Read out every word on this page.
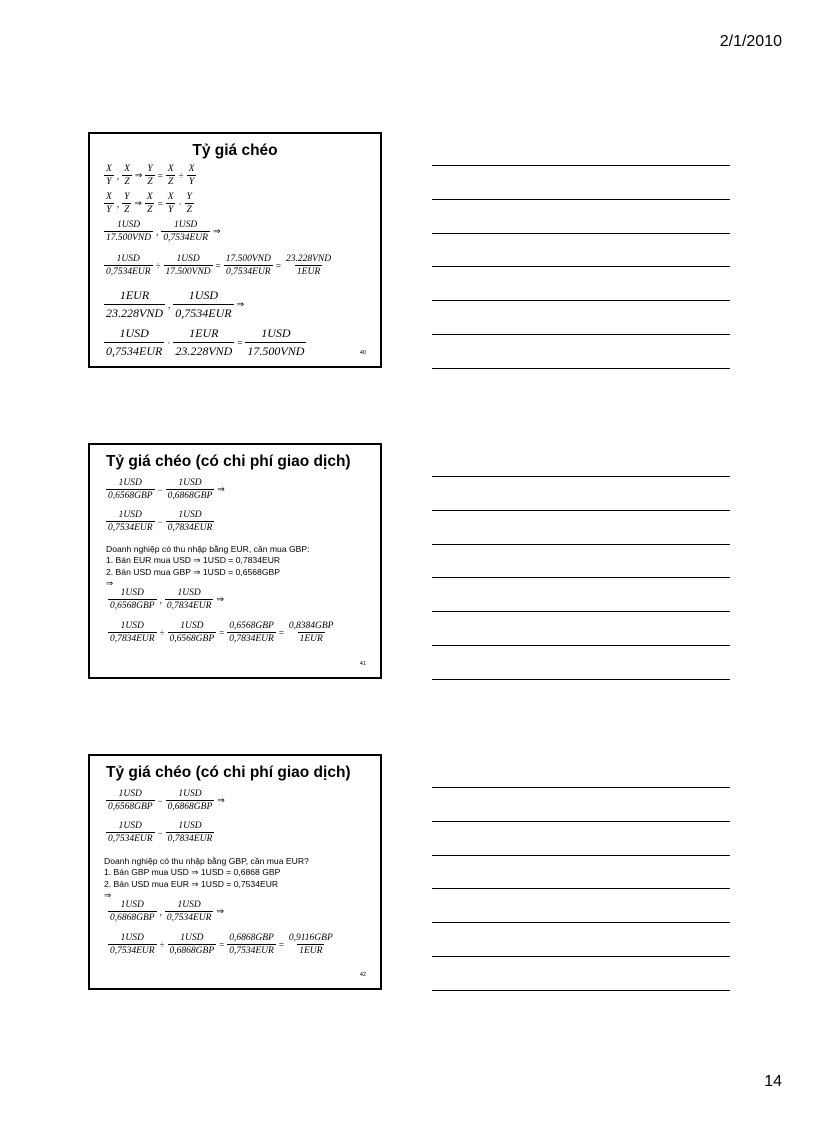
2/1/2010
Tỷ giá chéo
X
Y
,
X
Z
⇒ $\frac{Y}{Z} = \frac{X}{Z} \div \frac{X}{Y}$
X
Y
,
Y
Z
⇒ $\frac{X}{Z} = \frac{X}{Y}$ ·
Y
Z
1USD
17.500VND
,
1USD
0,7534EUR
⇒
1USD
0,7534EUR
÷
1USD
17.500VND
=
17.500VND
0,7534EUR
=
23.228VND
1EUR
1EUR
23.228VND
,
1USD
0,7534EUR
⇒
1USD
0,7534EUR
·
1EUR
23.228VND
=
1USD
17.500VND	40
Tỷ giá chéo (có chi phí giao dịch)
1USD
0,6568GBP
−
1USD
0,6868GBP
⇒
1USD
0,7534EUR
−
1USD
0,7834EUR
Doanh nghiệp có thu nhập bằng EUR, cần mua GBP:
1. Bán EUR mua USD ⇒ 1USD = 0,7834EUR
2. Bán USD mua GBP ⇒ 1USD = 0,6568GBP
⇒
1USD
0,6568GBP
,
1USD
0,7834EUR
⇒
1USD
0,7834EUR
÷
1USD
0,6568GBP
=
0,6568GBP
0,7834EUR
=
0,8384GBP
1EUR
41
Tỷ giá chéo (có chi phí giao dịch)
1USD
0,6568GBP
−
1USD
0,6868GBP
⇒
1USD
0,7534EUR
−
1USD
0,7834EUR
Doanh nghiệp có thu nhập bằng GBP, cần mua EUR?
1. Bán GBP mua USD ⇒ 1USD = 0,6868 GBP
2. Bán USD mua EUR ⇒ 1USD = 0,7534EUR
⇒
1USD
0,6868GBP
,
1USD
0,7534EUR
⇒
1USD
0,7534EUR
÷
1USD
0,6868GBP
=
0,6868GBP
0,7534EUR
=
0,9116GBP
1EUR
42
14
